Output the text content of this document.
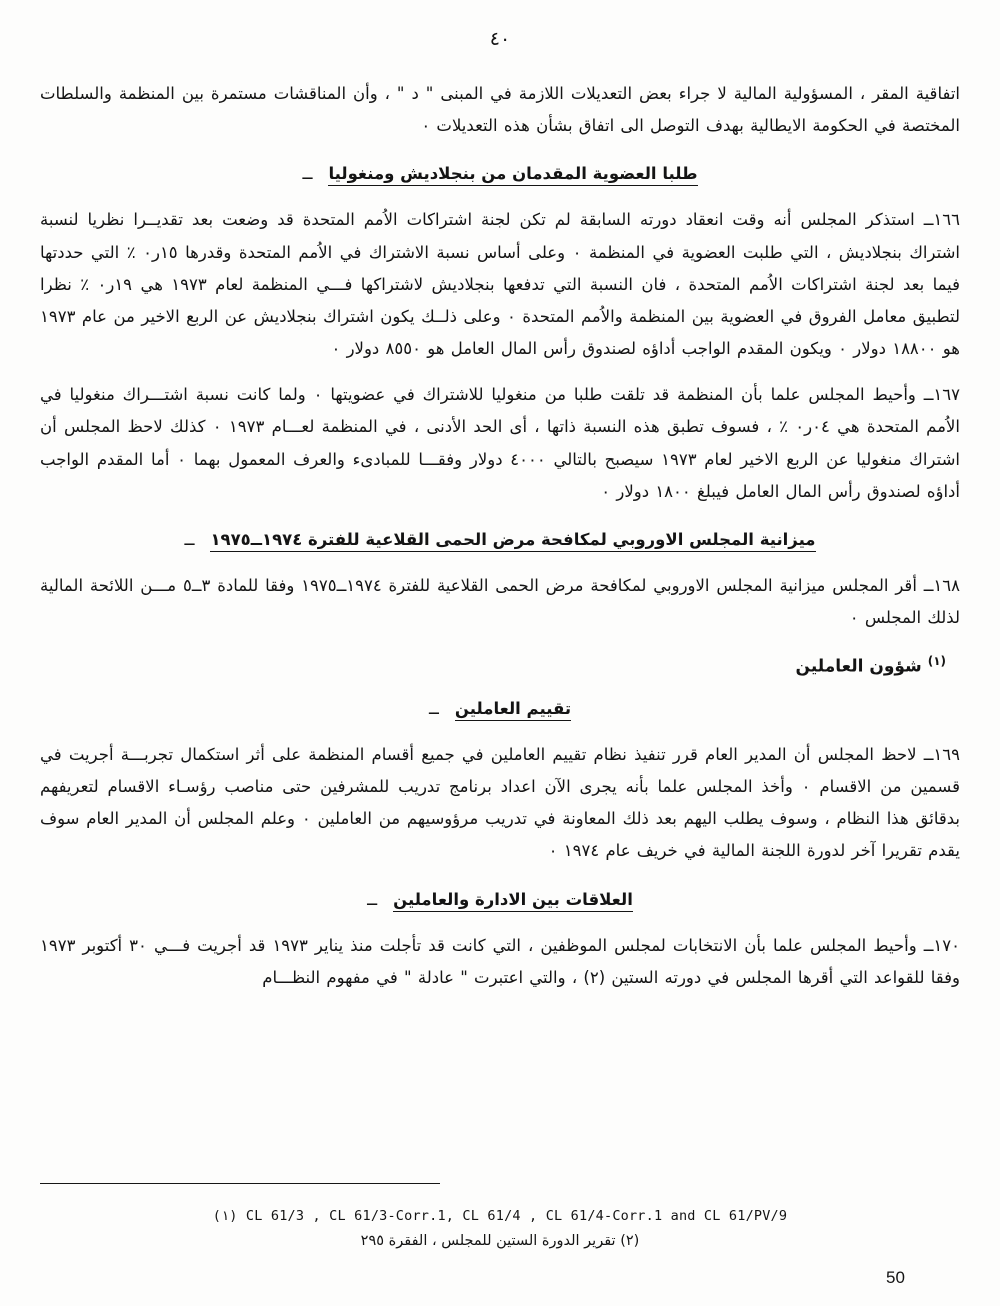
٤٠

اتفاقية المقر ، المسؤولية المالية لا جراء بعض التعديلات اللازمة في المبنى " د " ، وأن المناقشات مستمرة بين المنظمة والسلطات المختصة في الحكومة الايطالية بهدف التوصل الى اتفاق بشأن هذه التعديلات ٠

ــ طلبا العضوية المقدمان من بنجلاديش ومنغوليا

١٦٦ــ استذكر المجلس أنه وقت انعقاد دورته السابقة لم تكن لجنة اشتراكات الاُمم المتحدة قد وضعت بعد تقديــرا نظريا لنسبة اشتراك بنجلاديش ، التي طلبت العضوية في المنظمة ٠ وعلى أساس نسبة الاشتراك في الاُمم المتحدة وقدرها ١٥ر٠ ٪ التي حددتها فيما بعد لجنة اشتراكات الاُمم المتحدة ، فان النسبة التي تدفعها بنجلاديش لاشتراكها فـــي المنظمة لعام ١٩٧٣ هي ١٩ر٠ ٪ نظرا لتطبيق معامل الفروق في العضوية بين المنظمة والاُمم المتحدة ٠ وعلى ذلــك يكون اشتراك بنجلاديش عن الربع الاخير من عام ١٩٧٣ هو ١٨٨٠٠ دولار ٠ ويكون المقدم الواجب أداؤه لصندوق رأس المال العامل هو ٨٥٥٠ دولار ٠

١٦٧ــ وأحيط المجلس علما بأن المنظمة قد تلقت طلبا من منغوليا للاشتراك في عضويتها ٠ ولما كانت نسبة اشتـــراك منغوليا في الاُمم المتحدة هي ٠٤ر٠ ٪ ، فسوف تطبق هذه النسبة ذاتها ، أى الحد الأدنى ، في المنظمة لعـــام ١٩٧٣ ٠ كذلك لاحظ المجلس أن اشتراك منغوليا عن الربع الاخير لعام ١٩٧٣ سيصبح بالتالي ٤٠٠٠ دولار وفقـــا للمبادىء والعرف المعمول بهما ٠ أما المقدم الواجب أداؤه لصندوق رأس المال العامل فيبلغ ١٨٠٠ دولار ٠

ــ ميزانية المجلس الاوروبي لمكافحة مرض الحمى القلاعية للفترة ١٩٧٤ــ١٩٧٥

١٦٨ــ أقر المجلس ميزانية المجلس الاوروبي لمكافحة مرض الحمى القلاعية للفترة ١٩٧٤ــ١٩٧٥ وفقا للمادة ٣ــ٥ مـــن اللائحة المالية لذلك المجلس ٠

$^{(١)}$ شؤون العاملين
ــ تقييم العاملين

١٦٩ــ لاحظ المجلس أن المدير العام قرر تنفيذ نظام تقييم العاملين في جميع أقسام المنظمة على أثر استكمال تجربـــة أجريت في قسمين من الاقسام ٠ وأخذ المجلس علما بأنه يجرى الآن اعداد برنامج تدريب للمشرفين حتى مناصب رؤسـاء الاقسام لتعريفهم بدقائق هذا النظام ، وسوف يطلب اليهم بعد ذلك المعاونة في تدريب مرؤوسيهم من العاملين ٠ وعلم المجلس أن المدير العام سوف يقدم تقريرا آخر لدورة اللجنة المالية في خريف عام ١٩٧٤ ٠

ــ العلاقات بين الادارة والعاملين

١٧٠ــ وأحيط المجلس علما بأن الانتخابات لمجلس الموظفين ، التي كانت قد تأجلت منذ يناير ١٩٧٣ قد أجريت فـــي ٣٠ أكتوبر ١٩٧٣ وفقا للقواعد التي أقرها المجلس في دورته الستين (٢) ، والتي اعتبرت " عادلة " في مفهوم النظـــام

CL 61/3 , CL 61/3-Corr.1, CL 61/4 , CL 61/4-Corr.1 and CL 61/PV/9 (١)
(٢) تقرير الدورة الستين للمجلس ، الفقرة ٢٩٥
50
